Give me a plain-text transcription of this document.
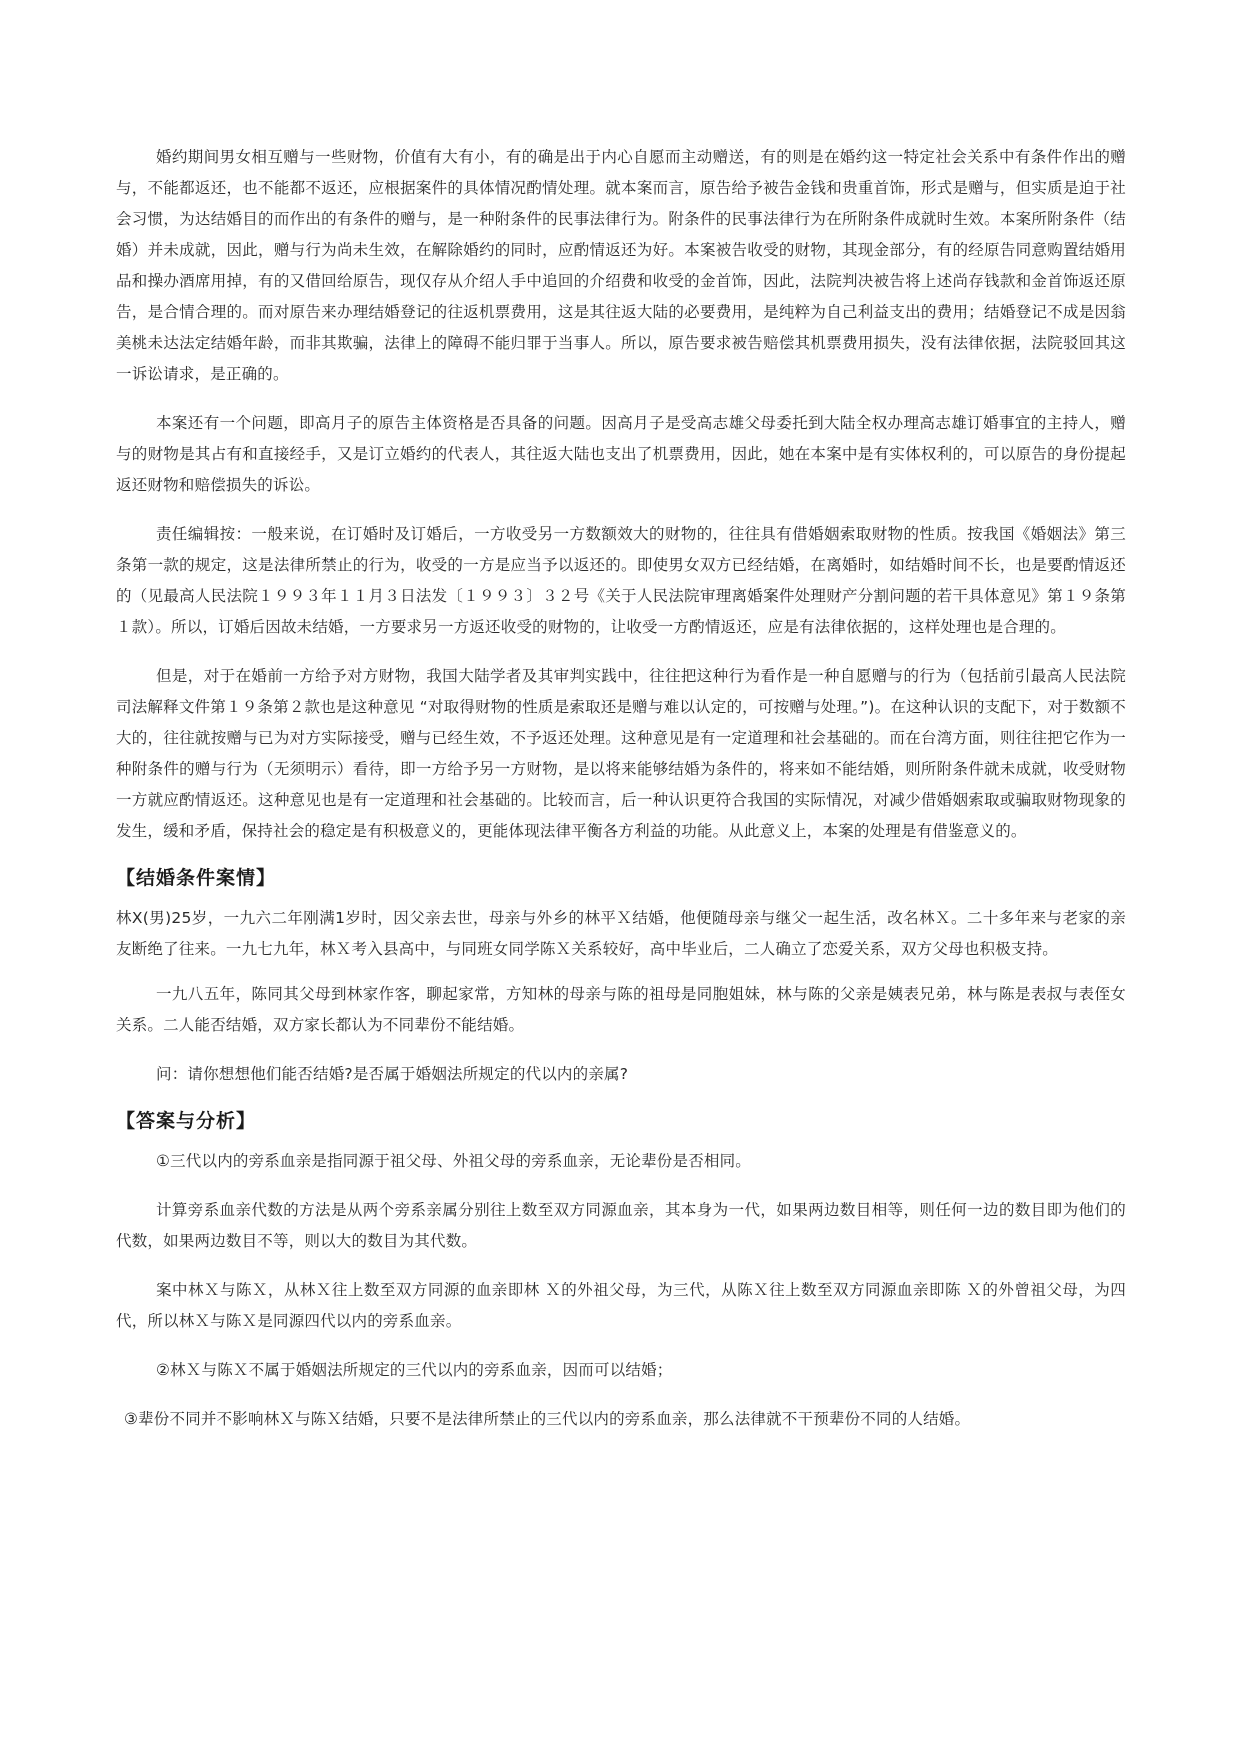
婚约期间男女相互赠与一些财物，价值有大有小，有的确是出于内心自愿而主动赠送，有的则是在婚约这一特定社会关系中有条件作出的赠与，不能都返还，也不能都不返还，应根据案件的具体情况酌情处理。就本案而言，原告给予被告金钱和贵重首饰，形式是赠与，但实质是迫于社会习惯，为达结婚目的而作出的有条件的赠与，是一种附条件的民事法律行为。附条件的民事法律行为在所附条件成就时生效。本案所附条件（结婚）并未成就，因此，赠与行为尚未生效，在解除婚约的同时，应酌情返还为好。本案被告收受的财物，其现金部分，有的经原告同意购置结婚用品和操办酒席用掉，有的又借回给原告，现仅存从介绍人手中追回的介绍费和收受的金首饰，因此，法院判决被告将上述尚存钱款和金首饰返还原告，是合情合理的。而对原告来办理结婚登记的往返机票费用，这是其往返大陆的必要费用，是纯粹为自己利益支出的费用；结婚登记不成是因翁美桃未达法定结婚年龄，而非其欺骗，法律上的障碍不能归罪于当事人。所以，原告要求被告赔偿其机票费用损失，没有法律依据，法院驳回其这一诉讼请求，是正确的。

本案还有一个问题，即高月子的原告主体资格是否具备的问题。因高月子是受高志雄父母委托到大陆全权办理高志雄订婚事宜的主持人，赠与的财物是其占有和直接经手，又是订立婚约的代表人，其往返大陆也支出了机票费用，因此，她在本案中是有实体权利的，可以原告的身份提起返还财物和赔偿损失的诉讼。

责任编辑按：一般来说，在订婚时及订婚后，一方收受另一方数额效大的财物的，往往具有借婚姻索取财物的性质。按我国《婚姻法》第三条第一款的规定，这是法律所禁止的行为，收受的一方是应当予以返还的。即使男女双方已经结婚，在离婚时，如结婚时间不长，也是要酌情返还的（见最高人民法院１９９３年１１月３日法发〔１９９３〕３２号《关于人民法院审理离婚案件处理财产分割问题的若干具体意见》第１９条第１款）。所以，订婚后因故未结婚，一方要求另一方返还收受的财物的，让收受一方酌情返还，应是有法律依据的，这样处理也是合理的。

但是，对于在婚前一方给予对方财物，我国大陆学者及其审判实践中，往往把这种行为看作是一种自愿赠与的行为（包括前引最高人民法院司法解释文件第１９条第２款也是这种意见 “对取得财物的性质是索取还是赠与难以认定的，可按赠与处理。”)。在这种认识的支配下，对于数额不大的，往往就按赠与已为对方实际接受，赠与已经生效，不予返还处理。这种意见是有一定道理和社会基础的。而在台湾方面，则往往把它作为一种附条件的赠与行为（无须明示）看待，即一方给予另一方财物，是以将来能够结婚为条件的，将来如不能结婚，则所附条件就未成就，收受财物一方就应酌情返还。这种意见也是有一定道理和社会基础的。比较而言，后一种认识更符合我国的实际情况，对减少借婚姻索取或骗取财物现象的发生，缓和矛盾，保持社会的稳定是有积极意义的，更能体现法律平衡各方利益的功能。从此意义上，本案的处理是有借鉴意义的。

【结婚条件案情】

林X(男)25岁，一九六二年刚满1岁时，因父亲去世，母亲与外乡的林平Ｘ结婚，他便随母亲与继父一起生活，改名林Ｘ。二十多年来与老家的亲友断绝了往来。一九七九年，林Ｘ考入县高中，与同班女同学陈Ｘ关系较好，高中毕业后，二人确立了恋爱关系，双方父母也积极支持。

一九八五年，陈同其父母到林家作客，聊起家常，方知林的母亲与陈的祖母是同胞姐妹，林与陈的父亲是姨表兄弟，林与陈是表叔与表侄女关系。二人能否结婚，双方家长都认为不同辈份不能结婚。

问：请你想想他们能否结婚?是否属于婚姻法所规定的代以内的亲属?

【答案与分析】

①三代以内的旁系血亲是指同源于祖父母、外祖父母的旁系血亲，无论辈份是否相同。

计算旁系血亲代数的方法是从两个旁系亲属分别往上数至双方同源血亲，其本身为一代，如果两边数目相等，则任何一边的数目即为他们的代数，如果两边数目不等，则以大的数目为其代数。

案中林Ｘ与陈Ｘ，从林Ｘ往上数至双方同源的血亲即林 Ｘ的外祖父母，为三代，从陈Ｘ往上数至双方同源血亲即陈 Ｘ的外曾祖父母，为四代，所以林Ｘ与陈Ｘ是同源四代以内的旁系血亲。

②林Ｘ与陈Ｘ不属于婚姻法所规定的三代以内的旁系血亲，因而可以结婚；

③辈份不同并不影响林Ｘ与陈Ｘ结婚，只要不是法律所禁止的三代以内的旁系血亲，那么法律就不干预辈份不同的人结婚。
